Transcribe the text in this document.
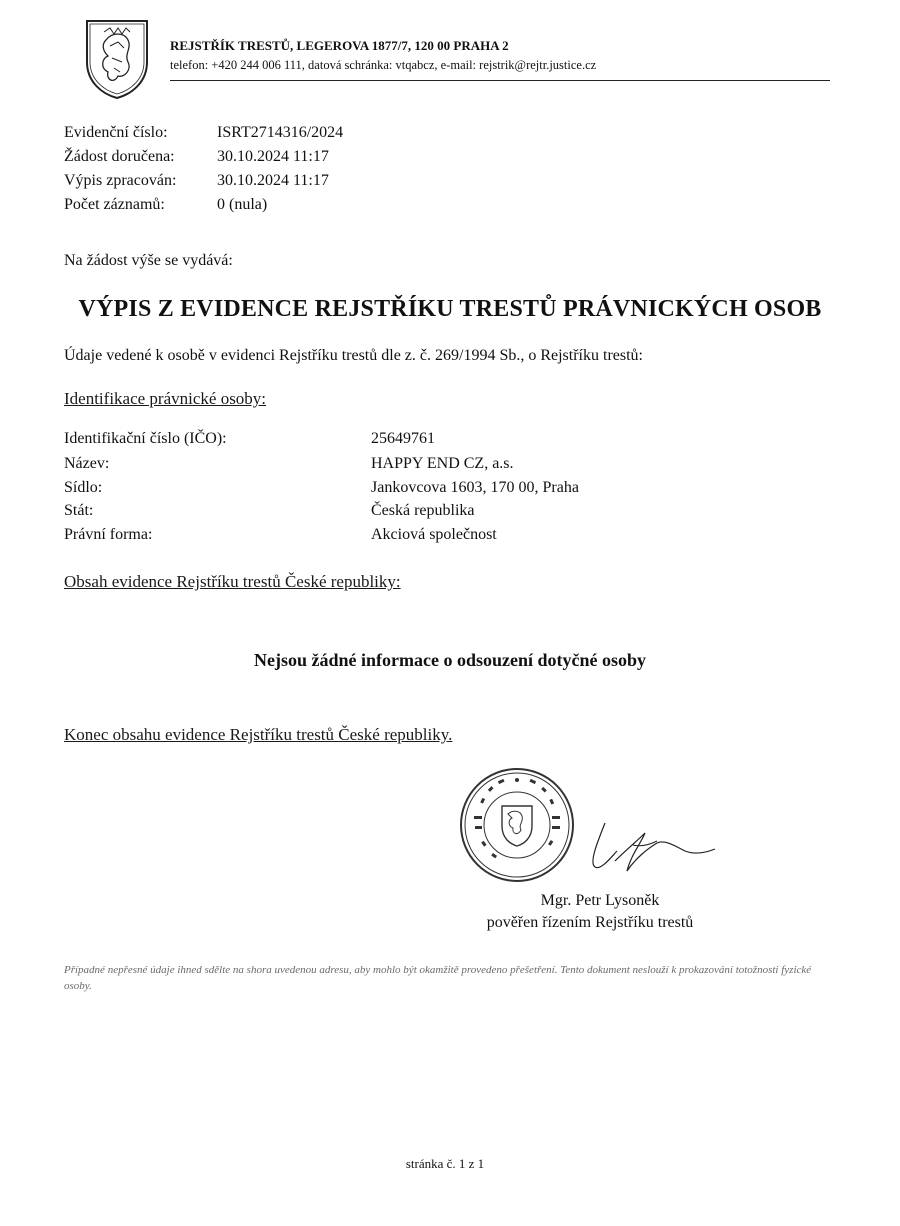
REJSTŘÍK TRESTŮ, LEGEROVA 1877/7, 120 00 PRAHA 2
telefon: +420 244 006 111, datová schránka: vtqabcz, e-mail: rejstrik@rejtr.justice.cz
Evidenční číslo:	ISRT2714316/2024
Žádost doručena:	30.10.2024 11:17
Výpis zpracován:	30.10.2024 11:17
Počet záznamů:	0 (nula)
Na žádost výše se vydává:
VÝPIS Z EVIDENCE REJSTŘÍKU TRESTŮ PRÁVNICKÝCH OSOB
Údaje vedené k osobě v evidenci Rejstříku trestů dle z. č. 269/1994 Sb., o Rejstříku trestů:
Identifikace právnické osoby:
Identifikační číslo (IČO):	25649761
Název:	HAPPY END CZ, a.s.
Sídlo:	Jankovcova 1603, 170 00, Praha
Stát:	Česká republika
Právní forma:	Akciová společnost
Obsah evidence Rejstříku trestů České republiky:
Nejsou žádné informace o odsouzení dotyčné osoby
Konec obsahu evidence Rejstříku trestů České republiky.
Mgr. Petr Lysoněk
pověřen řízením Rejstříku trestů
Případné nepřesné údaje ihned sdělte na shora uvedenou adresu, aby mohlo být okamžitě provedeno přešetření. Tento dokument neslouží k prokazování totožnosti fyzické osoby.
stránka č. 1 z 1
